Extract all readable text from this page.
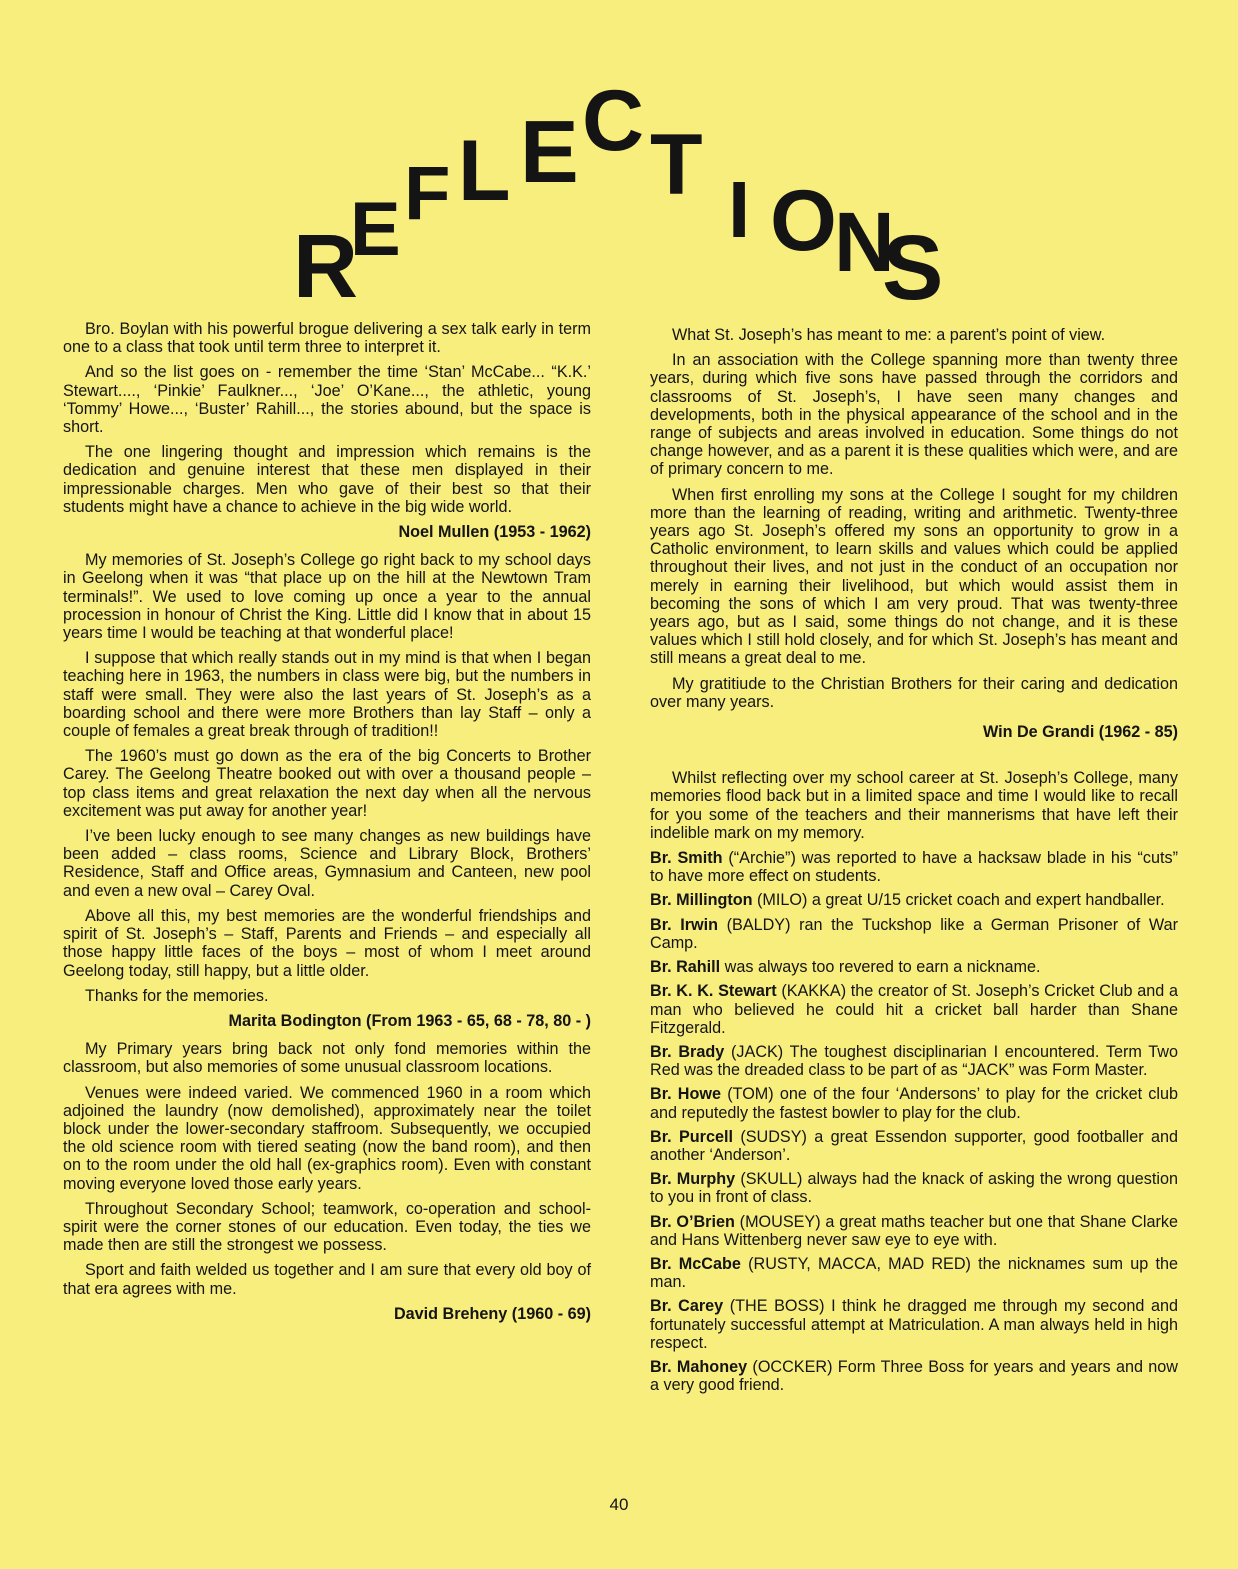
R
E F L E C T I O
N
S

Bro. Boylan with his powerful brogue delivering a sex talk early in term one to a class that took until term three to interpret it.

And so the list goes on - remember the time ‘Stan’ McCabe... “K.K.’ Stewart...., ‘Pinkie’ Faulkner..., ‘Joe’ O’Kane..., the athletic, young ‘Tommy’ Howe..., ‘Buster’ Rahill..., the stories abound, but the space is short.

The one lingering thought and impression which remains is the dedication and genuine interest that these men displayed in their impressionable charges. Men who gave of their best so that their students might have a chance to achieve in the big wide world.

Noel Mullen (1953 - 1962)

My memories of St. Joseph’s College go right back to my school days in Geelong when it was “that place up on the hill at the Newtown Tram terminals!”. We used to love coming up once a year to the annual procession in honour of Christ the King. Little did I know that in about 15 years time I would be teaching at that wonderful place!

I suppose that which really stands out in my mind is that when I began teaching here in 1963, the numbers in class were big, but the numbers in staff were small. They were also the last years of St. Joseph’s as a boarding school and there were more Brothers than lay Staff – only a couple of females a great break through of tradition!!

The 1960’s must go down as the era of the big Concerts to Brother Carey. The Geelong Theatre booked out with over a thousand people – top class items and great relaxation the next day when all the nervous excitement was put away for another year!

I’ve been lucky enough to see many changes as new buildings have been added – class rooms, Science and Library Block, Brothers’ Residence, Staff and Office areas, Gymnasium and Canteen, new pool and even a new oval – Carey Oval.

Above all this, my best memories are the wonderful friendships and spirit of St. Joseph’s – Staff, Parents and Friends – and especially all those happy little faces of the boys – most of whom I meet around Geelong today, still happy, but a little older.

Thanks for the memories.

Marita Bodington (From 1963 - 65, 68 - 78, 80 - )

My Primary years bring back not only fond memories within the classroom, but also memories of some unusual classroom locations.

Venues were indeed varied. We commenced 1960 in a room which adjoined the laundry (now demolished), approximately near the toilet block under the lower-secondary staffroom. Subsequently, we occupied the old science room with tiered seating (now the band room), and then on to the room under the old hall (ex-graphics room). Even with constant moving everyone loved those early years.

Throughout Secondary School; teamwork, co-operation and school-spirit were the corner stones of our education. Even today, the ties we made then are still the strongest we possess.

Sport and faith welded us together and I am sure that every old boy of that era agrees with me.

David Breheny (1960 - 69)

What St. Joseph’s has meant to me: a parent’s point of view.

In an association with the College spanning more than twenty three years, during which five sons have passed through the corridors and classrooms of St. Joseph’s, I have seen many changes and developments, both in the physical appearance of the school and in the range of subjects and areas involved in education. Some things do not change however, and as a parent it is these qualities which were, and are of primary concern to me.

When first enrolling my sons at the College I sought for my children more than the learning of reading, writing and arithmetic. Twenty-three years ago St. Joseph’s offered my sons an opportunity to grow in a Catholic environment, to learn skills and values which could be applied throughout their lives, and not just in the conduct of an occupation nor merely in earning their livelihood, but which would assist them in becoming the sons of which I am very proud. That was twenty-three years ago, but as I said, some things do not change, and it is these values which I still hold closely, and for which St. Joseph’s has meant and still means a great deal to me.

My gratitiude to the Christian Brothers for their caring and dedication over many years.

Win De Grandi (1962 - 85)

Whilst reflecting over my school career at St. Joseph’s College, many memories flood back but in a limited space and time I would like to recall for you some of the teachers and their mannerisms that have left their indelible mark on my memory.

Br. Smith (“Archie”) was reported to have a hacksaw blade in his “cuts” to have more effect on students.
Br. Millington (MILO) a great U/15 cricket coach and expert handballer.
Br. Irwin (BALDY) ran the Tuckshop like a German Prisoner of War Camp.
Br. Rahill was always too revered to earn a nickname.
Br. K. K. Stewart (KAKKA) the creator of St. Joseph’s Cricket Club and a man who believed he could hit a cricket ball harder than Shane Fitzgerald.
Br. Brady (JACK) The toughest disciplinarian I encountered. Term Two Red was the dreaded class to be part of as “JACK” was Form Master.
Br. Howe (TOM) one of the four ‘Andersons’ to play for the cricket club and reputedly the fastest bowler to play for the club.
Br. Purcell (SUDSY) a great Essendon supporter, good footballer and another ‘Anderson’.
Br. Murphy (SKULL) always had the knack of asking the wrong question to you in front of class.
Br. O’Brien (MOUSEY) a great maths teacher but one that Shane Clarke and Hans Wittenberg never saw eye to eye with.
Br. McCabe (RUSTY, MACCA, MAD RED) the nicknames sum up the man.
Br. Carey (THE BOSS) I think he dragged me through my second and fortunately successful attempt at Matriculation. A man always held in high respect.
Br. Mahoney (OCCKER) Form Three Boss for years and years and now a very good friend.
40
